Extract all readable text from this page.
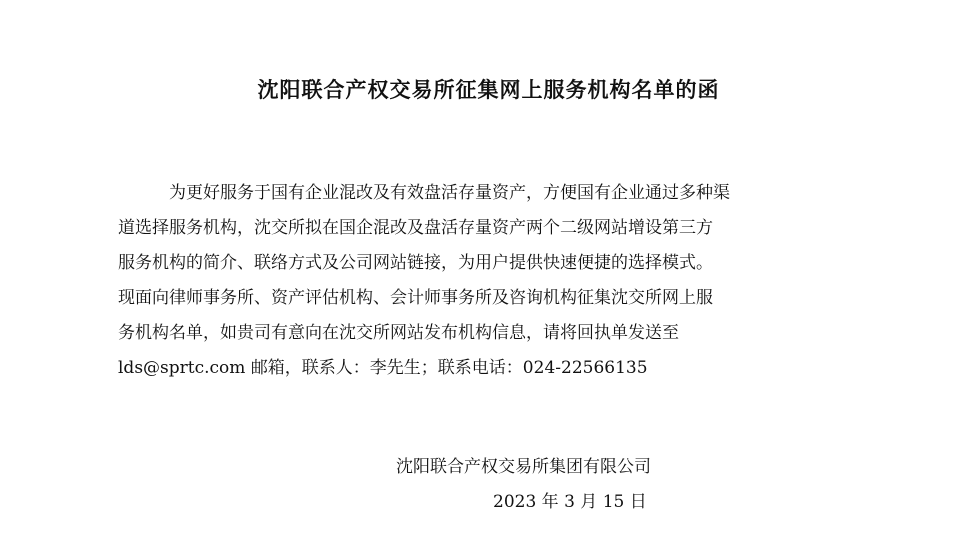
沈阳联合产权交易所征集网上服务机构名单的函
为更好服务于国有企业混改及有效盘活存量资产，方便国有企业通过多种渠
道选择服务机构，沈交所拟在国企混改及盘活存量资产两个二级网站增设第三方
服务机构的简介、联络方式及公司网站链接，为用户提供快速便捷的选择模式。
现面向律师事务所、资产评估机构、会计师事务所及咨询机构征集沈交所网上服
务机构名单，如贵司有意向在沈交所网站发布机构信息，请将回执单发送至
lds@sprtc.com 邮箱，联系人：李先生；联系电话：024-22566135
沈阳联合产权交易所集团有限公司
2023 年 3 月 15 日
